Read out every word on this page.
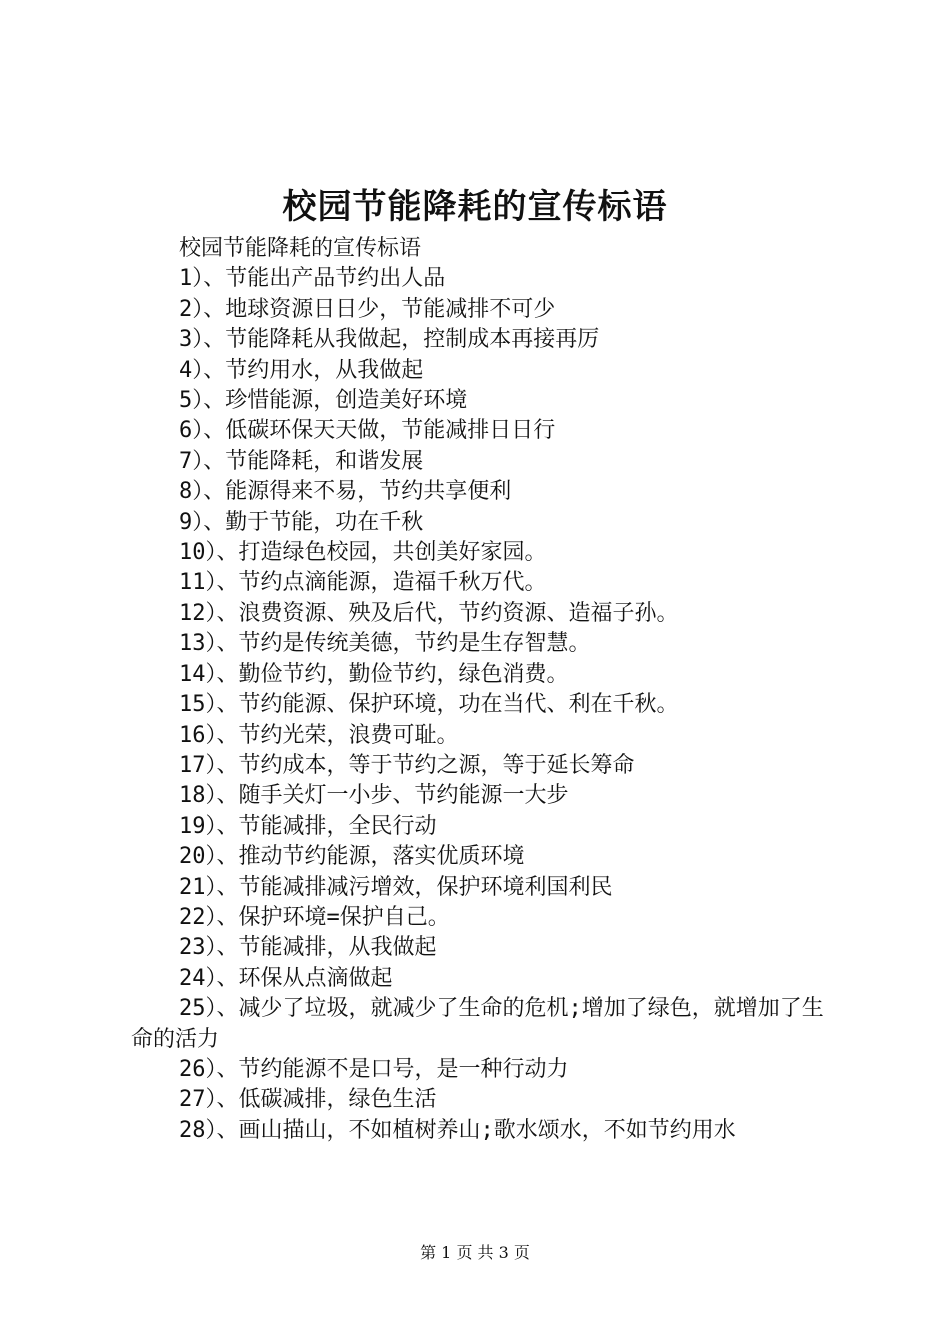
校园节能降耗的宣传标语

校园节能降耗的宣传标语

1）、节能出产品节约出人品

2）、地球资源日日少，节能减排不可少

3）、节能降耗从我做起，控制成本再接再厉

4）、节约用水，从我做起

5）、珍惜能源，创造美好环境

6）、低碳环保天天做，节能减排日日行

7）、节能降耗，和谐发展

8）、能源得来不易，节约共享便利

9）、勤于节能，功在千秋

10）、打造绿色校园，共创美好家园。

11）、节约点滴能源，造福千秋万代。

12）、浪费资源、殃及后代，节约资源、造福子孙。

13）、节约是传统美德，节约是生存智慧。

14）、勤俭节约，勤俭节约，绿色消费。

15）、节约能源、保护环境，功在当代、利在千秋。

16）、节约光荣，浪费可耻。

17）、节约成本，等于节约之源，等于延长筹命

18）、随手关灯一小步、节约能源一大步

19）、节能减排，全民行动

20）、推动节约能源，落实优质环境

21）、节能减排减污增效，保护环境利国利民

22）、保护环境=保护自己。

23）、节能减排，从我做起

24）、环保从点滴做起

25）、减少了垃圾，就减少了生命的危机;增加了绿色，就增加了生命的活力

26）、节约能源不是口号，是一种行动力

27）、低碳减排，绿色生活

28）、画山描山，不如植树养山;歌水颂水，不如节约用水

第 1 页 共 3 页
